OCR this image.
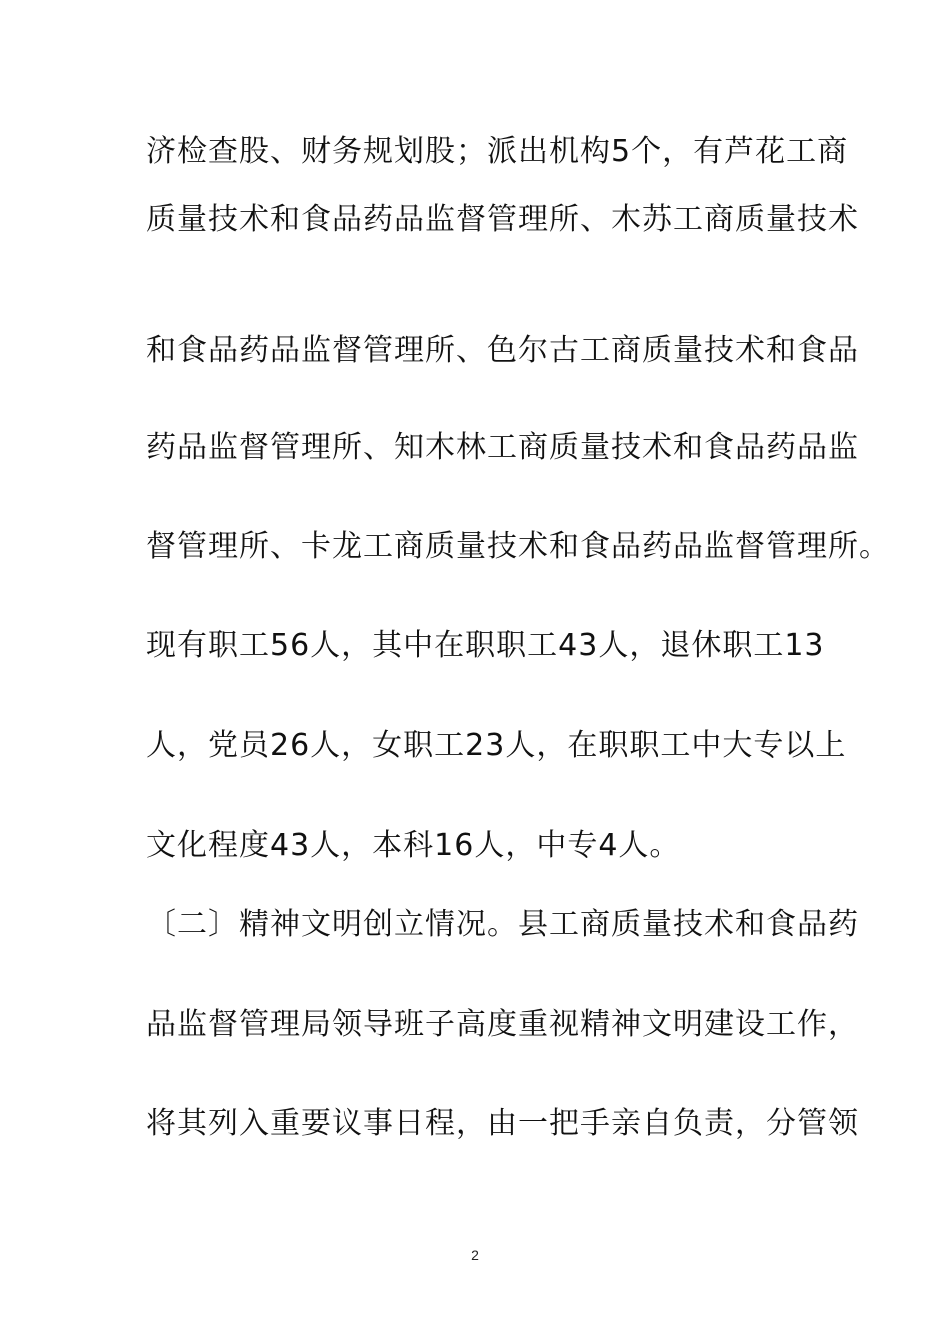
济检查股、财务规划股；派出机构5个，有芦花工商
质量技术和食品药品监督管理所、木苏工商质量技术
和食品药品监督管理所、色尔古工商质量技术和食品
药品监督管理所、知木林工商质量技术和食品药品监
督管理所、卡龙工商质量技术和食品药品监督管理所。
现有职工56人，其中在职职工43人，退休职工13
人，党员26人，女职工23人，在职职工中大专以上
文化程度43人，本科16人，中专4人。
〔二〕精神文明创立情况。县工商质量技术和食品药
品监督管理局领导班子高度重视精神文明建设工作，
将其列入重要议事日程，由一把手亲自负责，分管领
2
